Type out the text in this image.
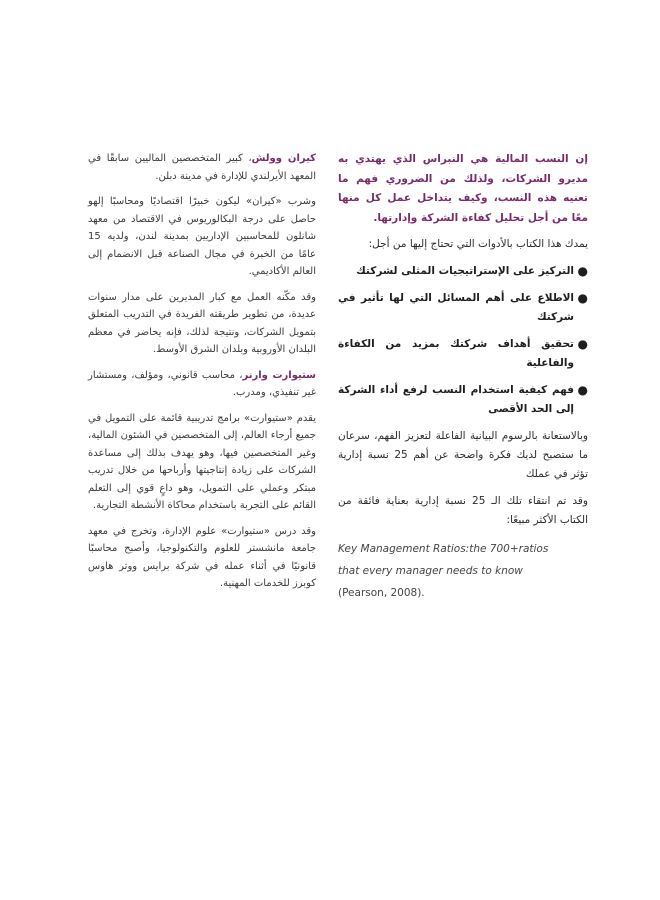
إن النسب المالية هي النبراس الذي يهتدي به مديرو الشركات، ولذلك من الضروري فهم ما تعنيه هذه النسب، وكيف يتداخل عمل كل منها معًا من أجل تحليل كفاءة الشركة وإدارتها.

يمدك هذا الكتاب بالأدوات التي تحتاج إليها من أجل:

●
التركيز على الإستراتيجيات المثلى لشركتك
●
الاطلاع على أهم المسائل التي لها تأثير في شركتك
●
تحقيق أهداف شركتك بمزيد من الكفاءة والفاعلية
●
فهم كيفية استخدام النسب لرفع أداء الشركة إلى الحد الأقصى

وبالاستعانة بالرسوم البيانية الفاعلة لتعزيز الفهم، سرعان ما ستصبح لديك فكرة واضحة عن أهم 25 نسبة إدارية تؤثر في عملك

وقد تم انتقاء تلك الـ 25 نسبة إدارية بعناية فائقة من الكتاب الأكثر مبيعًا:

Key Management Ratios:the 700+ratios
that every manager needs to know
(Pearson, 2008).

كيران وولش، كبير المتخصصين الماليين سابقًا في المعهد الأيرلندي للإدارة في مدينة دبلن.

وشرب «كيران» ليكون خبيرًا اقتصاديًا ومحاسبًا إلهو حاصل على درجة البكالوريوس في الاقتصاد من معهد شانلون للمحاسبين الإداريين بمدينة لندن، ولديه 15 عامًا من الخبرة في مجال الصناعة قبل الانضمام إلى العالم الأكاديمي.

وقد مكّنه العمل مع كبار المديرين على مدار سنوات عديدة، من تطوير طريقته الفريدة في التدريب المتعلق بتمويل الشركات، ونتيجة لذلك، فإنه يحاضر في معظم البلدان الأوروبية وبلدان الشرق الأوسط.

ستيوارت وارنر، محاسب قانوني، ومؤلف، ومستشار غير تنفيذي، ومدرب.

يقدم «ستيوارت» برامج تدريبية قائمة على التمويل في جميع أرجاء العالم، إلى المتخصصين في الشئون المالية، وغير المتخصصين فيها، وهو يهدف بذلك إلى مساعدة الشركات على زيادة إنتاجيتها وأرباحها من خلال تدريب مبتكر وعملي على التمويل، وهو داعٍ قوي إلى التعلم القائم على التجربة باستخدام محاكاة الأنشطة التجارية.

وقد درس «ستيوارت» علوم الإدارة، وتخرج في معهد جامعة مانشستر للعلوم والتكنولوجيا، وأصبح محاسبًا قانونيًا في أثناء عمله في شركة برايس ووتر هاوس كوبرز للخدمات المهنية.
